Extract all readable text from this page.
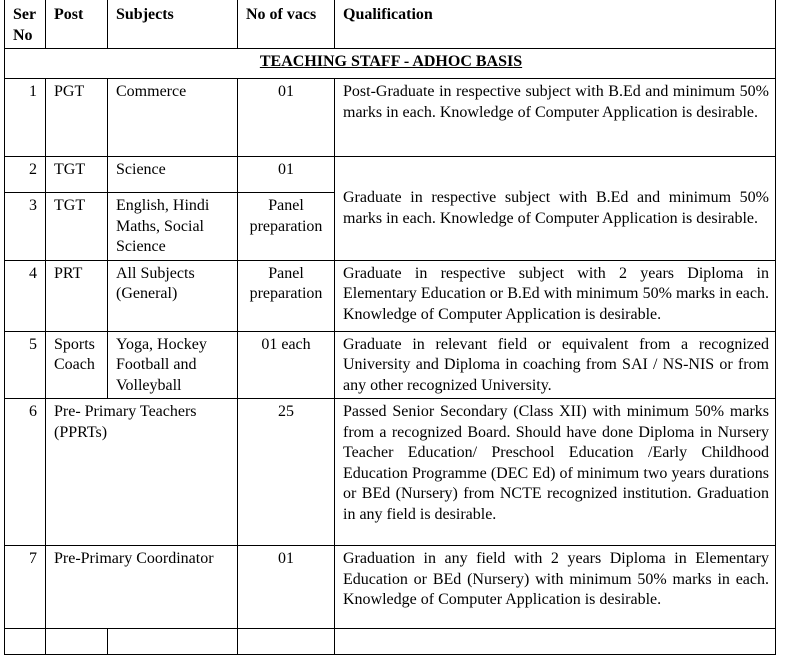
Ser No	Post	Subjects	No of vacs	Qualification
TEACHING STAFF - ADHOC BASIS				
1	PGT	Commerce	01	Post-Graduate in respective subject with B.Ed and minimum 50% marks in each. Knowledge of Computer Application is desirable.
2	TGT	Science	01	Graduate in respective subject with B.Ed and minimum 50% marks in each. Knowledge of Computer Application is desirable.
3	TGT	English, Hindi Maths, Social Science	Panel preparation	
4	PRT	All Subjects (General)	Panel preparation	Graduate in respective subject with 2 years Diploma in Elementary Education or B.Ed with minimum 50% marks in each. Knowledge of Computer Application is desirable.
5	Sports Coach	Yoga, Hockey Football and Volleyball	01 each	Graduate in relevant field or equivalent from a recognized University and Diploma in coaching from SAI / NS-NIS or from any other recognized University.
6	Pre- Primary Teachers (PPRTs)		25	Passed Senior Secondary (Class XII) with minimum 50% marks from a recognized Board. Should have done Diploma in Nursery Teacher Education/ Preschool Education /Early Childhood Education Programme (DEC Ed) of minimum two years durations or BEd (Nursery) from NCTE recognized institution. Graduation in any field is desirable.
7	Pre-Primary Coordinator		01	Graduation in any field with 2 years Diploma in Elementary Education or BEd (Nursery) with minimum 50% marks in each. Knowledge of Computer Application is desirable.
